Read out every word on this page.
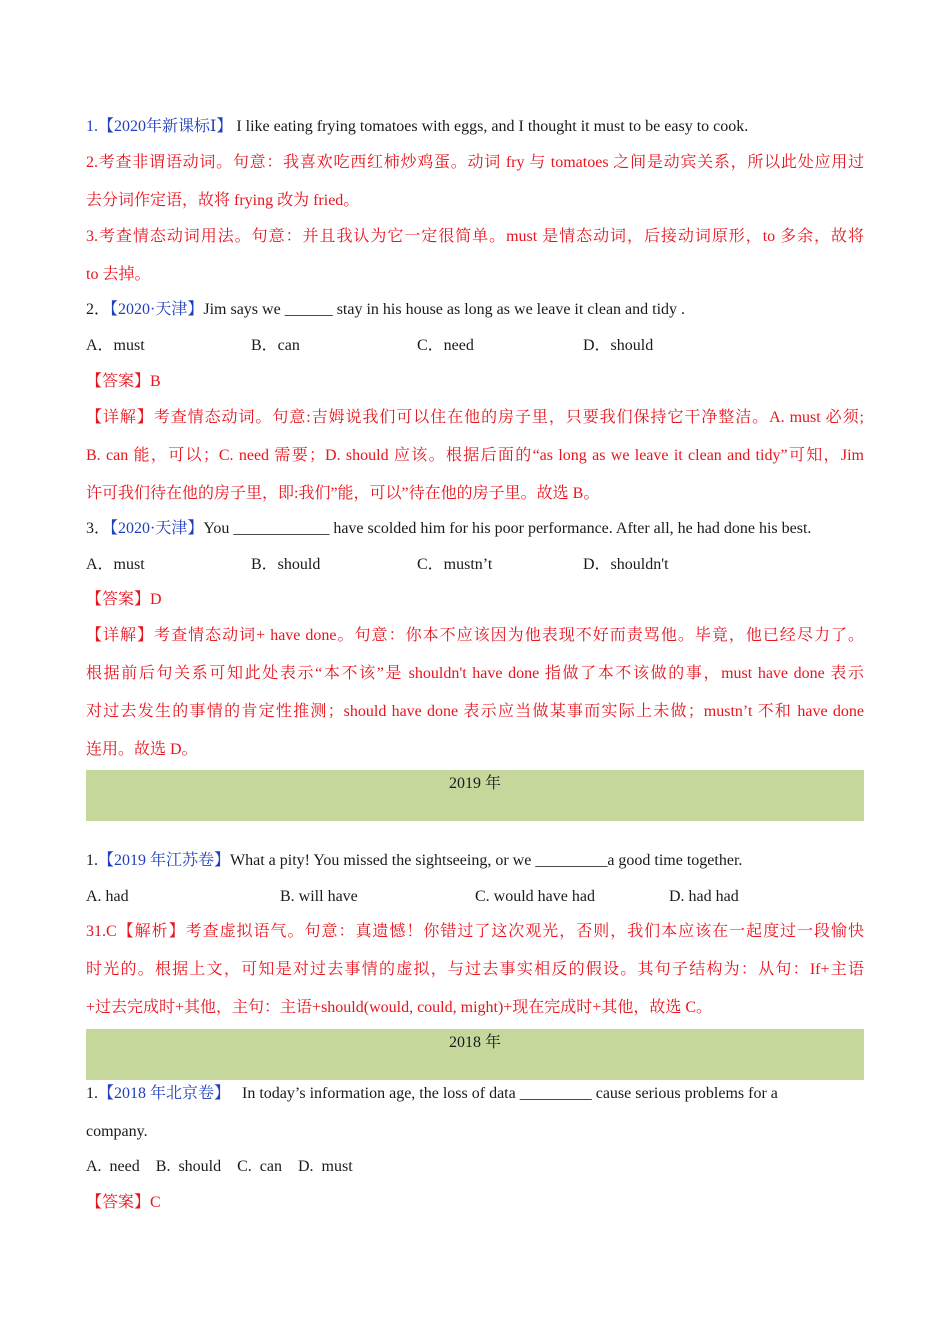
1.【2020年新课标Ⅰ】 I like eating frying tomatoes with eggs, and I thought it must to be easy to cook.
2.考查非谓语动词。句意：我喜欢吃西红柿炒鸡蛋。动词 fry 与 tomatoes 之间是动宾关系，所以此处应用过
去分词作定语，故将 frying 改为 fried。
3.考查情态动词用法。句意：并且我认为它一定很简单。must 是情态动词，后接动词原形，to 多余，故将
to 去掉。
2．【2020·天津】Jim says we ______ stay in his house as long as we leave it clean and tidy .
A．must	B．can	C．need	D．should
【答案】B
【详解】考查情态动词。句意:吉姆说我们可以住在他的房子里，只要我们保持它干净整洁。A. must 必须;
B. can 能，可以；C. need 需要；D. should 应该。根据后面的“as long as we leave it clean and tidy”可知，Jim
许可我们待在他的房子里，即:我们”能，可以”待在他的房子里。故选 B。
3．【2020·天津】You ____________ have scolded him for his poor performance. After all, he had done his best.
A．must	B．should	C．mustn’t	D．shouldn't
【答案】D
【详解】考查情态动词+ have done。句意：你本不应该因为他表现不好而责骂他。毕竟，他已经尽力了。
根据前后句关系可知此处表示“本不该”是 shouldn't have done 指做了本不该做的事，must have done 表示
对过去发生的事情的肯定性推测；should have done 表示应当做某事而实际上未做；mustn’t 不和 have done
连用。故选 D。
2019 年
1.【2019 年江苏卷】What a pity! You missed the sightseeing, or we _________a good time together.
A. had	B. will have	C. would have had	D. had had
31.C【解析】考查虚拟语气。句意：真遗憾！你错过了这次观光，否则，我们本应该在一起度过一段愉快
时光的。根据上文，可知是对过去事情的虚拟，与过去事实相反的假设。其句子结构为：从句：If+主语
+过去完成时+其他，主句：主语+should(would, could, might)+现在完成时+其他，故选 C。
2018 年
1.【2018 年北京卷】   In today’s information age, the loss of data _________ cause serious problems for a
company.
A.  need B.  should C.  can D.  must
【答案】C
